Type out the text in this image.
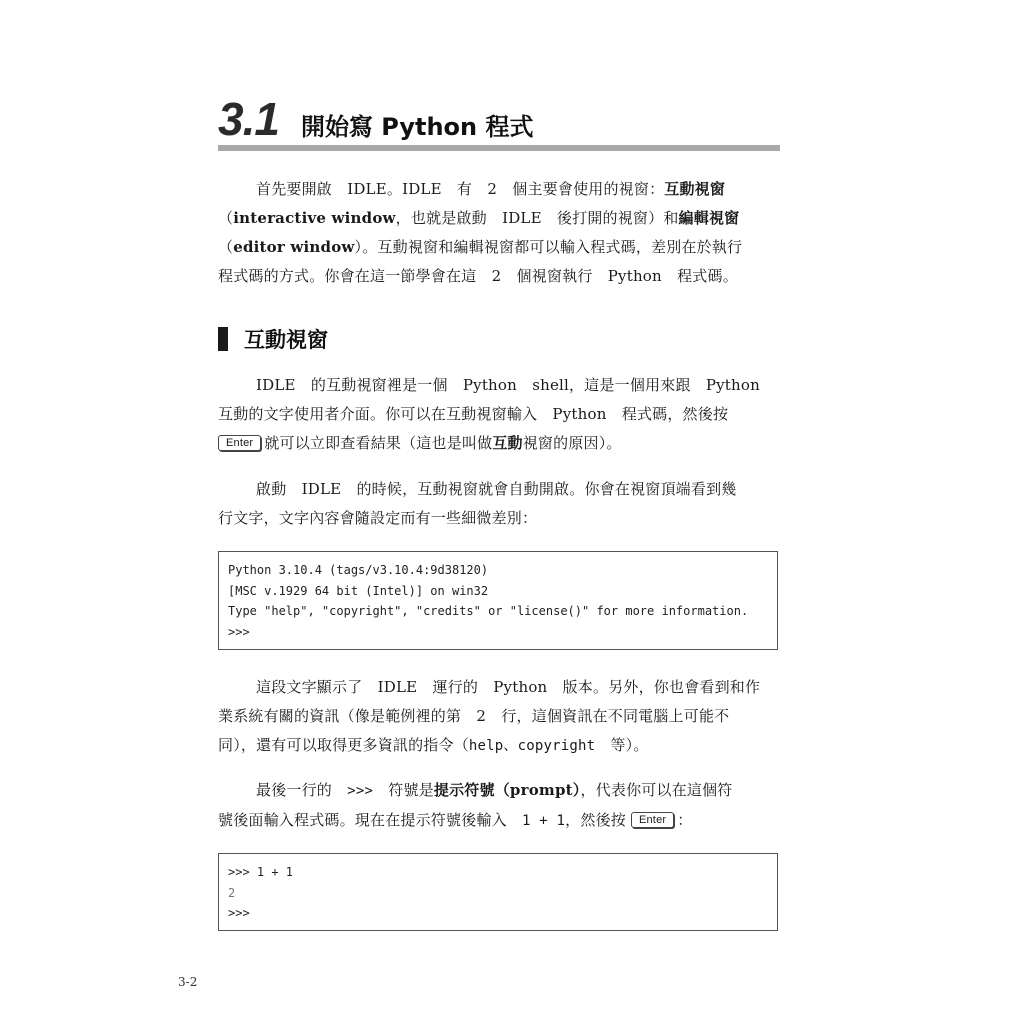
3.1 開始寫 Python 程式
首先要開啟　IDLE。IDLE　有　2　個主要會使用的視窗：互動視窗
（interactive window，也就是啟動　IDLE　後打開的視窗）和編輯視窗
（editor window）。互動視窗和編輯視窗都可以輸入程式碼，差別在於執行
程式碼的方式。你會在這一節學會在這　2　個視窗執行　Python　程式碼。
互動視窗
IDLE　的互動視窗裡是一個　Python　shell，這是一個用來跟　Python
互動的文字使用者介面。你可以在互動視窗輸入　Python　程式碼，然後按
Enter 就可以立即查看結果（這也是叫做互動視窗的原因）。
啟動　IDLE　的時候，互動視窗就會自動開啟。你會在視窗頂端看到幾
行文字，文字內容會隨設定而有一些細微差別：
Python 3.10.4 (tags/v3.10.4:9d38120)
[MSC v.1929 64 bit (Intel)] on win32
Type "help", "copyright", "credits" or "license()" for more information.
>>>
這段文字顯示了　IDLE　運行的　Python　版本。另外，你也會看到和作
業系統有關的資訊（像是範例裡的第　2　行，這個資訊在不同電腦上可能不
同），還有可以取得更多資訊的指令（help、copyright　等）。
最後一行的　>>>　符號是提示符號（prompt），代表你可以在這個符
號後面輸入程式碼。現在在提示符號後輸入　1 + 1，然後按 Enter ：
>>> 1 + 1
2
>>>
3-2
